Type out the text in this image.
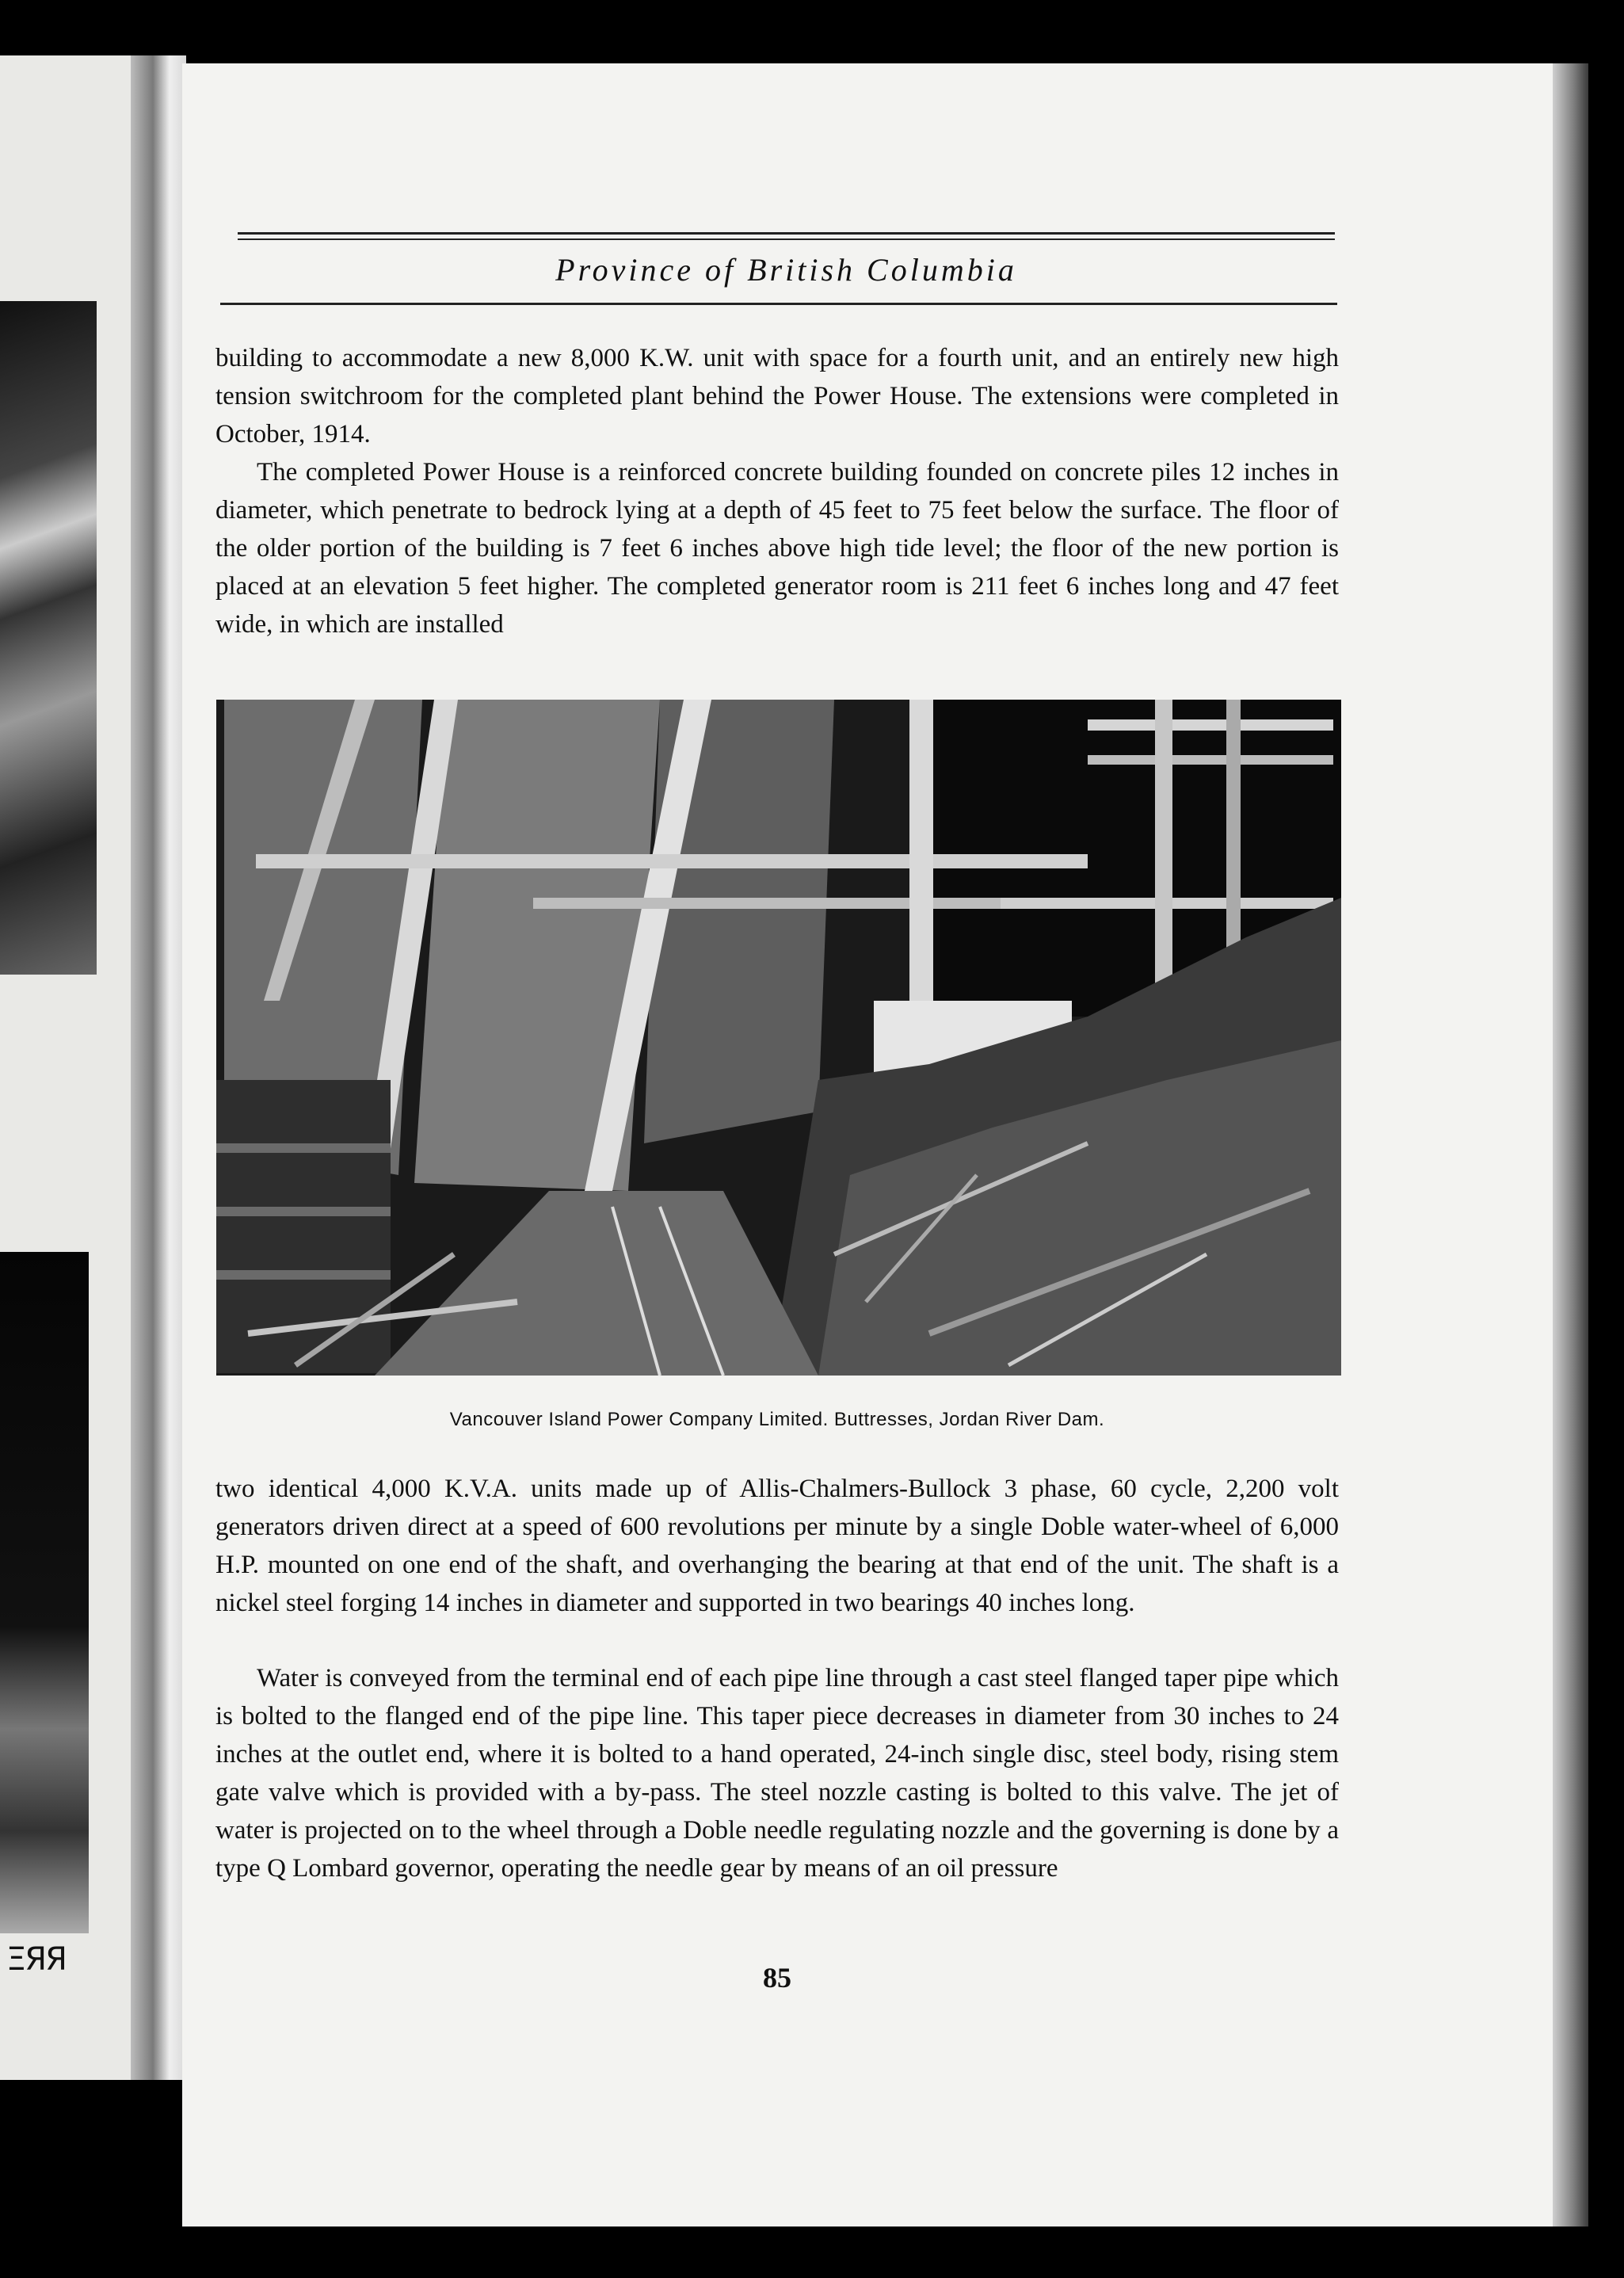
ΞЯЯ
Province of British Columbia

building to accommodate a new 8,000 K.W. unit with space for a fourth unit, and an entirely new high tension switchroom for the completed plant behind the Power House. The extensions were completed in October, 1914.

The completed Power House is a reinforced concrete building founded on concrete piles 12 inches in diameter, which penetrate to bedrock lying at a depth of 45 feet to 75 feet below the surface. The floor of the older portion of the building is 7 feet 6 inches above high tide level; the floor of the new portion is placed at an elevation 5 feet higher. The completed generator room is 211 feet 6 inches long and 47 feet wide, in which are installed

Vancouver Island Power Company Limited. Buttresses, Jordan River Dam.

two identical 4,000 K.V.A. units made up of Allis-Chalmers-Bullock 3 phase, 60 cycle, 2,200 volt generators driven direct at a speed of 600 revolutions per minute by a single Doble water-wheel of 6,000 H.P. mounted on one end of the shaft, and overhanging the bearing at that end of the unit. The shaft is a nickel steel forging 14 inches in diameter and supported in two bearings 40 inches long.

Water is conveyed from the terminal end of each pipe line through a cast steel flanged taper pipe which is bolted to the flanged end of the pipe line. This taper piece decreases in diameter from 30 inches to 24 inches at the outlet end, where it is bolted to a hand operated, 24-inch single disc, steel body, rising stem gate valve which is provided with a by-pass. The steel nozzle casting is bolted to this valve. The jet of water is projected on to the wheel through a Doble needle regulating nozzle and the governing is done by a type Q Lombard governor, operating the needle gear by means of an oil pressure

85
